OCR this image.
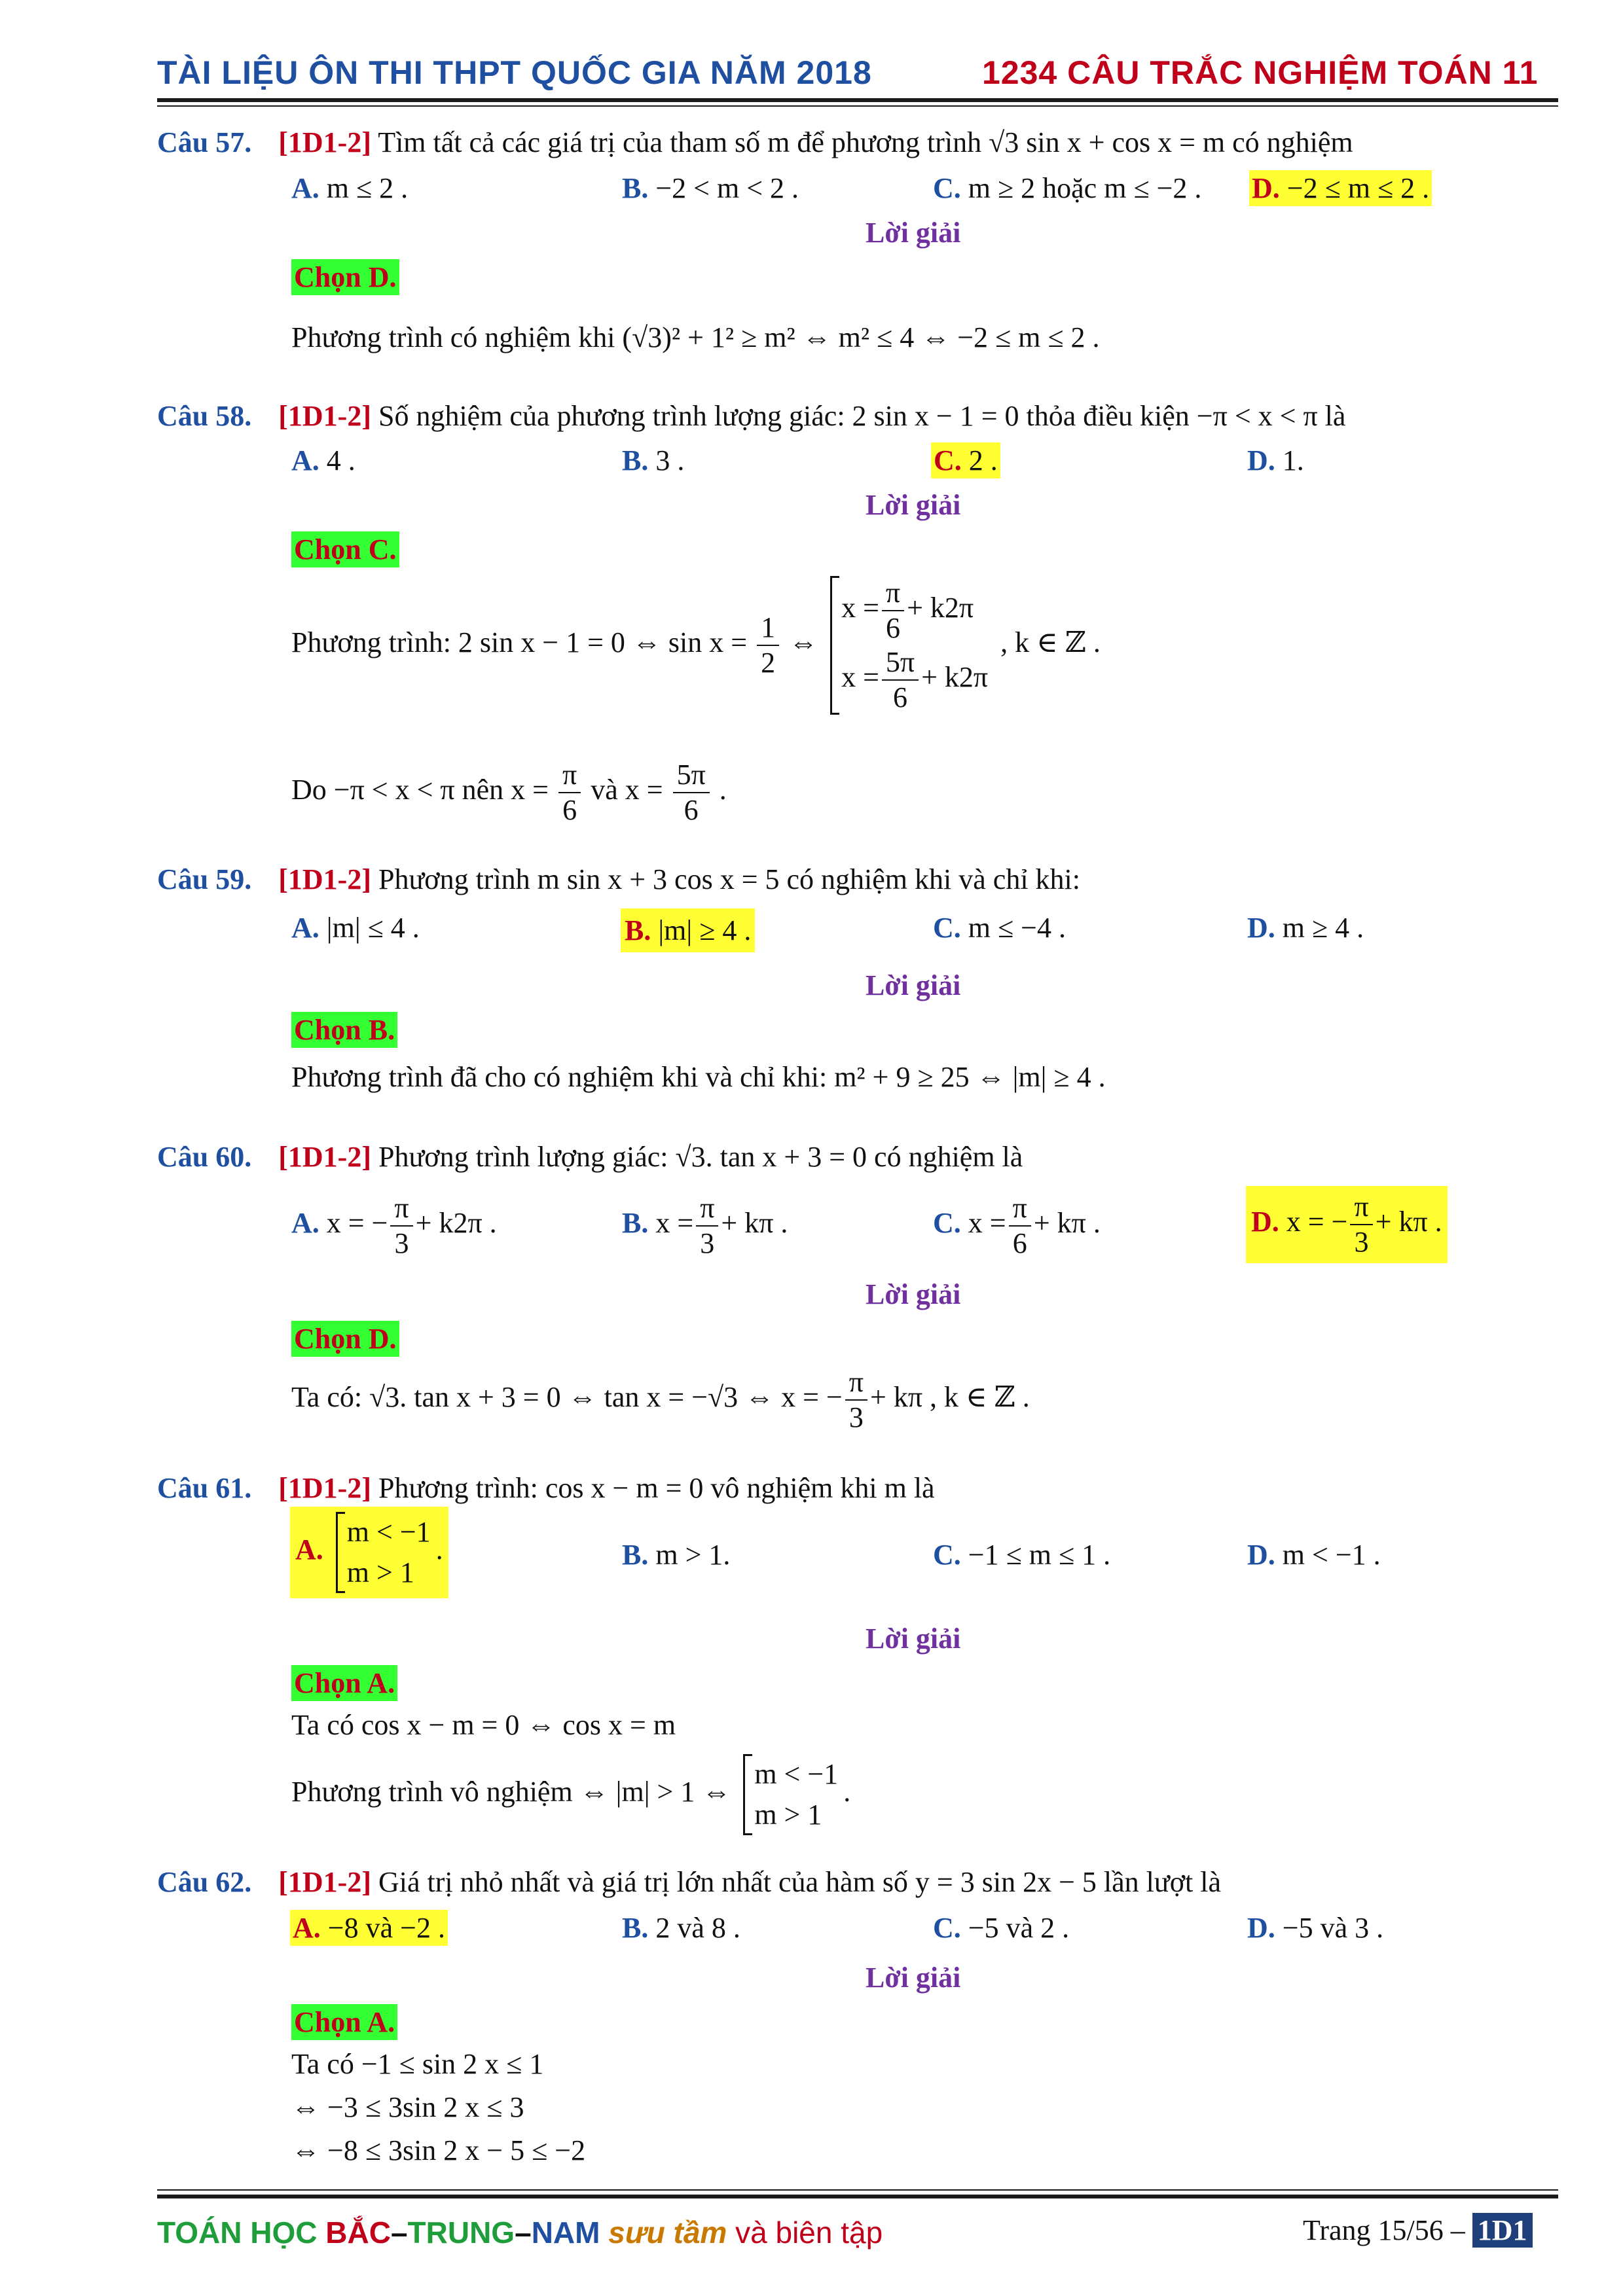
TÀI LIỆU ÔN THI THPT QUỐC GIA NĂM 2018	1234 CÂU TRẮC NGHIỆM TOÁN 11
Câu 57. [1D1-2] Tìm tất cả các giá trị của tham số m để phương trình √3 sin x + cos x = m có nghiệm
A. m ≤ 2 .	B. −2 < m < 2 .	C. m ≥ 2 hoặc m ≤ −2 . D. −2 ≤ m ≤ 2 .
Lời giải
Chọn D.
Phương trình có nghiệm khi (√3)² + 1² ≥ m² ⇔ m² ≤ 4 ⇔ −2 ≤ m ≤ 2 .
Câu 58. [1D1-2] Số nghiệm của phương trình lượng giác: 2 sin x − 1 = 0 thỏa điều kiện −π < x < π là
A. 4 .	B. 3 .	C. 2 .	D. 1.
Lời giải
Chọn C.
Phương trình: 2 sin x − 1 = 0 ⇔ $\sin x = \frac{1}{2}$ ⇔
$x = \frac{\pi}{6} + k2\pi$
$x = \frac{5\pi}{6} + k2\pi$
, k ∈ ℤ .
Do −π < x < π nên $x = \frac{\pi}{6}$ và $x = \frac{5\pi}{6}$ .
Câu 59. [1D1-2] Phương trình m sin x + 3 cos x = 5 có nghiệm khi và chỉ khi:
A. |m| ≤ 4 .	B. |m| ≥ 4 .	C. m ≤ −4 .	D. m ≥ 4 .
Lời giải
Chọn B.
Phương trình đã cho có nghiệm khi và chỉ khi: m² + 9 ≥ 25 ⇔ |m| ≥ 4 .
Câu 60. [1D1-2] Phương trình lượng giác: √3. tan x + 3 = 0 có nghiệm là
A. x = − $\frac{\pi}{3} + k2\pi$ .	B. $x = \frac{\pi}{3} + k\pi$ .	C. $x = \frac{\pi}{6} + k\pi$ .	D. x = − $\frac{\pi}{3} + k\pi$ .
Lời giải
Chọn D.
Ta có: √3. tan x + 3 = 0 ⇔ tan x = −√3 ⇔ x = − $\frac{\pi}{3} + k\pi$ , k ∈ ℤ .
Câu 61. [1D1-2] Phương trình: cos x − m = 0 vô nghiệm khi m là
A.
m < −1
m > 1
.	B. m > 1.	C. −1 ≤ m ≤ 1 .	D. m < −1 .
Lời giải
Chọn A.
Ta có cos x − m = 0 ⇔ cos x = m
Phương trình vô nghiệm ⇔ |m| > 1 ⇔
m < −1
m > 1
.
Câu 62. [1D1-2] Giá trị nhỏ nhất và giá trị lớn nhất của hàm số y = 3 sin 2x − 5 lần lượt là
A. −8 và −2 .	B. 2 và 8 .	C. −5 và 2 .	D. −5 và 3 .
Lời giải
Chọn A.
Ta có −1 ≤ sin 2 x ≤ 1
⇔ −3 ≤ 3sin 2 x ≤ 3
⇔ −8 ≤ 3sin 2 x − 5 ≤ −2
TOÁN HỌC BẮC–TRUNG–NAM sưu tầm và biên tập	Trang 15/56 – 1D1
